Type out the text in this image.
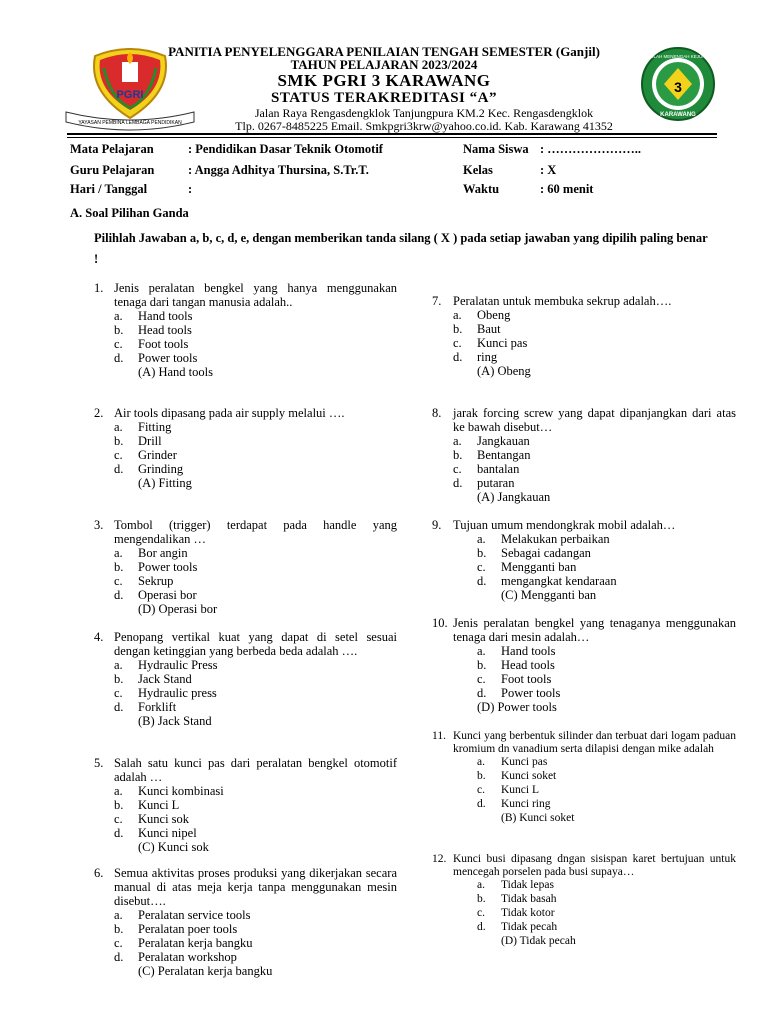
PGRI
YAYASAN PEMBINA LEMBAGA PENDIDIKAN
3
SEKOLAH MENENGAH KEJURUAN
KARAWANG
PANITIA PENYELENGGARA PENILAIAN TENGAH SEMESTER (Ganjil)
TAHUN PELAJARAN 2023/2024
SMK PGRI 3 KARAWANG
STATUS TERAKREDITASI “A”
Jalan Raya Rengasdengklok Tanjungpura KM.2 Kec. Rengasdengklok
Tlp. 0267-8485225 Email. Smkpgri3krw@yahoo.co.id. Kab. Karawang 41352
Mata Pelajaran	: Pendidikan Dasar Teknik Otomotif
Guru Pelajaran	: Angga Adhitya Thursina, S.Tr.T.
Hari / Tanggal	:
Nama Siswa : …………………..
Kelas	: X
Waktu	: 60 menit
A. Soal Pilihan Ganda
Pilihlah Jawaban a, b, c, d, e, dengan memberikan tanda silang ( X ) pada setiap jawaban yang dipilih paling benar !
1. Jenis peralatan bengkel yang hanya menggunakan tenaga dari tangan manusia adalah..
a. Hand tools
b. Head tools
c. Foot tools
d. Power tools
(A) Hand tools
2. Air tools dipasang pada air supply melalui ….
a. Fitting
b. Drill
c. Grinder
d. Grinding
(A) Fitting
3. Tombol (trigger) terdapat pada handle yang mengendalikan …
a. Bor angin
b. Power tools
c. Sekrup
d. Operasi bor
(D) Operasi bor
4. Penopang vertikal kuat yang dapat di setel sesuai dengan ketinggian yang berbeda beda adalah ….
a. Hydraulic Press
b. Jack Stand
c. Hydraulic press
d. Forklift
(B) Jack Stand
5. Salah satu kunci pas dari peralatan bengkel otomotif adalah …
a. Kunci kombinasi
b. Kunci L
c. Kunci sok
d. Kunci nipel
(C) Kunci sok
6. Semua aktivitas proses produksi yang dikerjakan secara manual di atas meja kerja tanpa menggunakan mesin disebut….
a. Peralatan service tools
b. Peralatan poer tools
c. Peralatan kerja bangku
d. Peralatan workshop
(C) Peralatan kerja bangku
7. Peralatan untuk membuka sekrup adalah….
a. Obeng
b. Baut
c. Kunci pas
d. ring
(A) Obeng
8. jarak forcing screw yang dapat dipanjangkan dari atas ke bawah disebut…
a. Jangkauan
b. Bentangan
c. bantalan
d. putaran
(A) Jangkauan
9. Tujuan umum mendongkrak mobil adalah…
a. Melakukan perbaikan
b. Sebagai cadangan
c. Mengganti ban
d. mengangkat kendaraan
(C) Mengganti ban
10. Jenis peralatan bengkel yang tenaganya menggunakan tenaga dari mesin adalah…
a. Hand tools
b. Head tools
c. Foot tools
d. Power tools
(D) Power tools
11. Kunci yang berbentuk silinder dan terbuat dari logam paduan kromium dn vanadium serta dilapisi dengan mike adalah
a. Kunci pas
b. Kunci soket
c. Kunci L
d. Kunci ring
(B) Kunci soket
12. Kunci busi dipasang dngan sisispan karet bertujuan untuk mencegah porselen pada busi supaya…
a. Tidak lepas
b. Tidak basah
c. Tidak kotor
d. Tidak pecah
(D) Tidak pecah
